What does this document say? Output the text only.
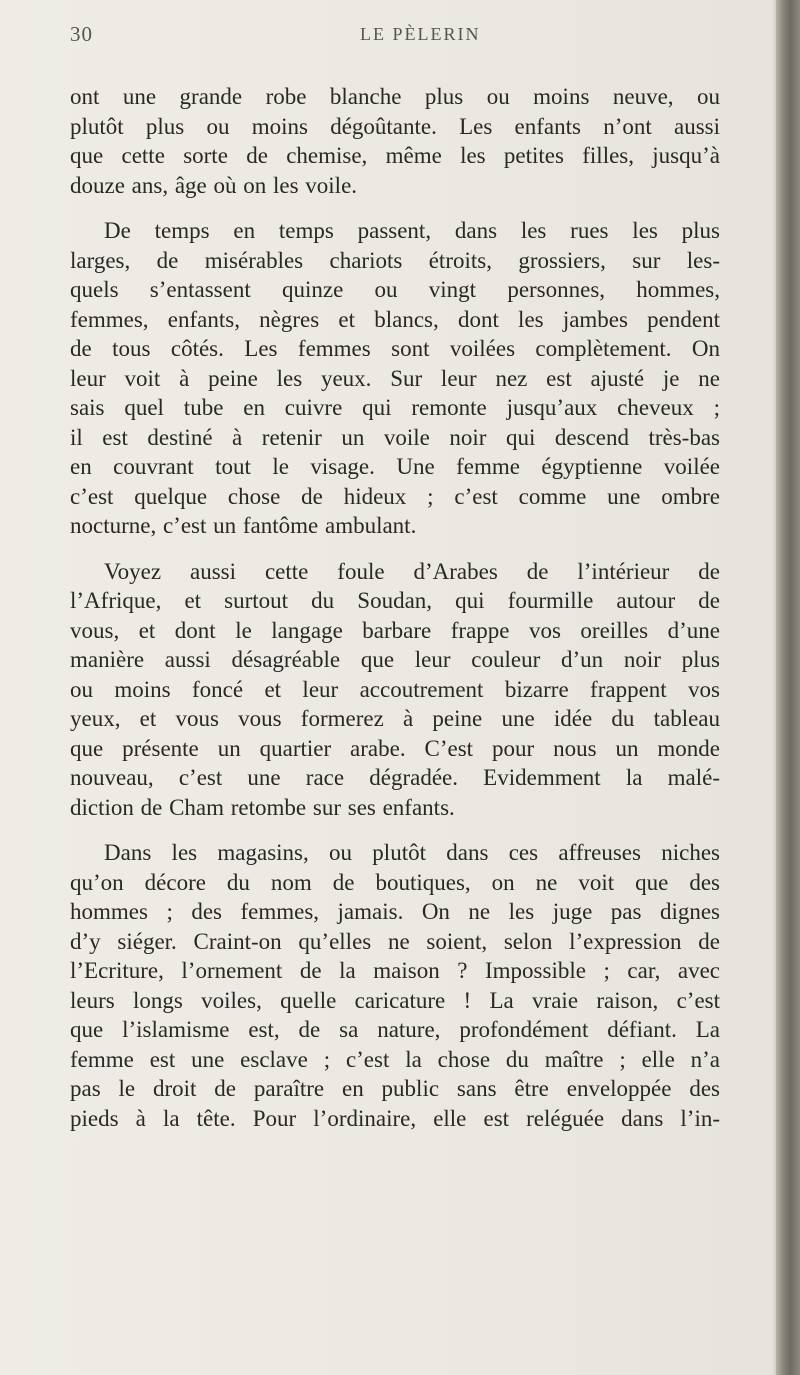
30	LE PÈLERIN
ont une grande robe blanche plus ou moins neuve, ou
plutôt plus ou moins dégoûtante. Les enfants n’ont aussi
que cette sorte de chemise, même les petites filles, jusqu’à
douze ans, âge où on les voile.
De temps en temps passent, dans les rues les plus
larges, de misérables chariots étroits, grossiers, sur les-
quels s’entassent quinze ou vingt personnes, hommes,
femmes, enfants, nègres et blancs, dont les jambes pendent
de tous côtés. Les femmes sont voilées complètement. On
leur voit à peine les yeux. Sur leur nez est ajusté je ne
sais quel tube en cuivre qui remonte jusqu’aux cheveux ;
il est destiné à retenir un voile noir qui descend très-bas
en couvrant tout le visage. Une femme égyptienne voilée
c’est quelque chose de hideux ; c’est comme une ombre
nocturne, c’est un fantôme ambulant.
Voyez aussi cette foule d’Arabes de l’intérieur de
l’Afrique, et surtout du Soudan, qui fourmille autour de
vous, et dont le langage barbare frappe vos oreilles d’une
manière aussi désagréable que leur couleur d’un noir plus
ou moins foncé et leur accoutrement bizarre frappent vos
yeux, et vous vous formerez à peine une idée du tableau
que présente un quartier arabe. C’est pour nous un monde
nouveau, c’est une race dégradée. Evidemment la malé-
diction de Cham retombe sur ses enfants.
Dans les magasins, ou plutôt dans ces affreuses niches
qu’on décore du nom de boutiques, on ne voit que des
hommes ; des femmes, jamais. On ne les juge pas dignes
d’y siéger. Craint-on qu’elles ne soient, selon l’expression de
l’Ecriture, l’ornement de la maison ? Impossible ; car, avec
leurs longs voiles, quelle caricature ! La vraie raison, c’est
que l’islamisme est, de sa nature, profondément défiant. La
femme est une esclave ; c’est la chose du maître ; elle n’a
pas le droit de paraître en public sans être enveloppée des
pieds à la tête. Pour l’ordinaire, elle est reléguée dans l’in-
